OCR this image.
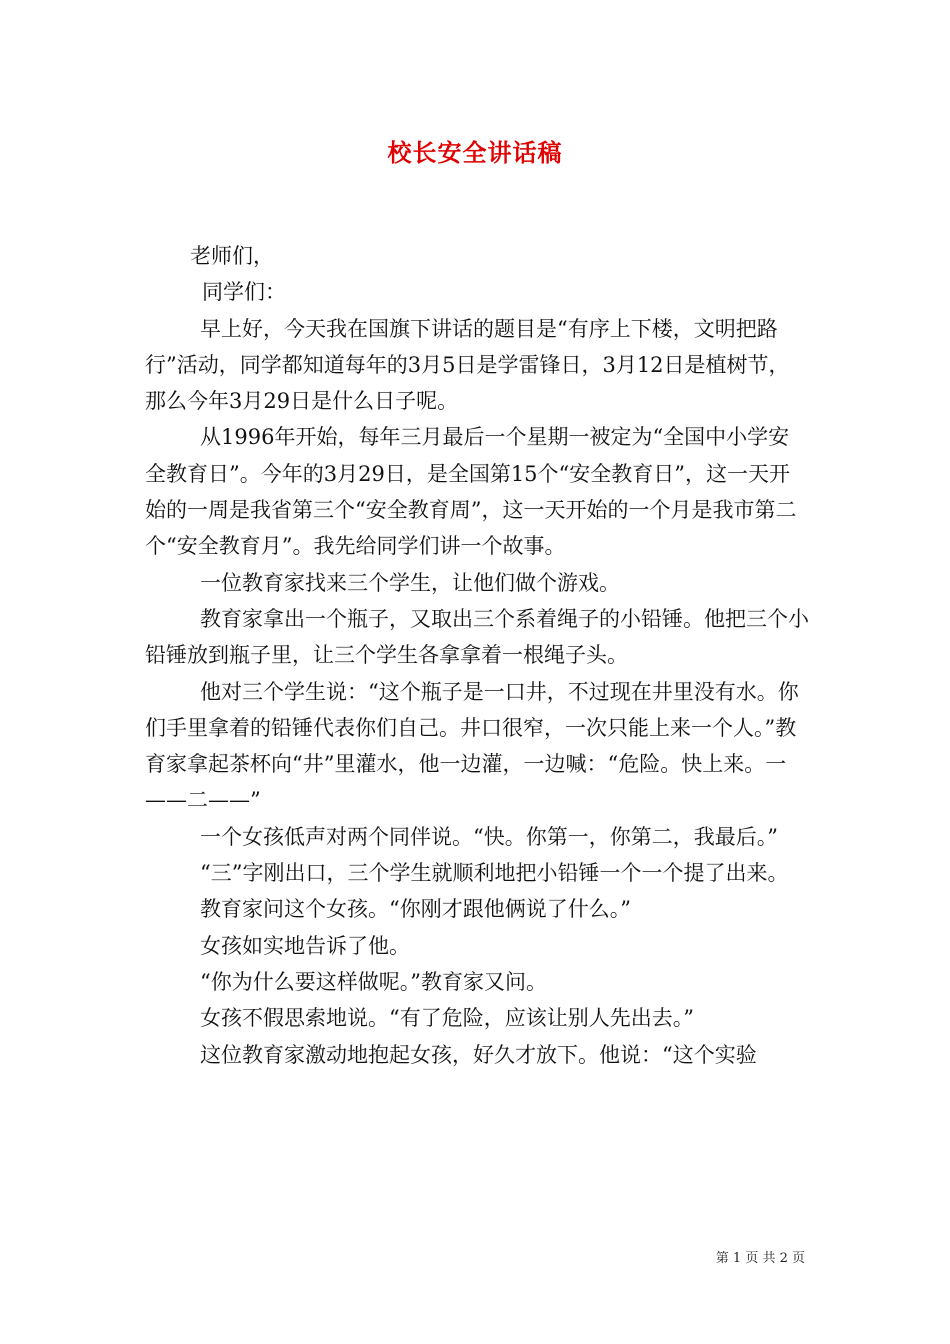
校长安全讲话稿

老师们，

同学们：

早上好，今天我在国旗下讲话的题目是“有序上下楼，文明把路行”活动，同学都知道每年的3月5日是学雷锋日，3月12日是植树节，那么今年3月29日是什么日子呢。

从1996年开始，每年三月最后一个星期一被定为“全国中小学安全教育日”。今年的3月29日，是全国第15个“安全教育日”，这一天开始的一周是我省第三个“安全教育周”，这一天开始的一个月是我市第二个“安全教育月”。我先给同学们讲一个故事。

一位教育家找来三个学生，让他们做个游戏。

教育家拿出一个瓶子，又取出三个系着绳子的小铅锤。他把三个小铅锤放到瓶子里，让三个学生各拿拿着一根绳子头。

他对三个学生说：“这个瓶子是一口井，不过现在井里没有水。你们手里拿着的铅锤代表你们自己。井口很窄，一次只能上来一个人。”教育家拿起茶杯向“井”里灌水，他一边灌，一边喊：“危险。快上来。一——二——”

一个女孩低声对两个同伴说。“快。你第一，你第二，我最后。”

“三”字刚出口，三个学生就顺利地把小铅锤一个一个提了出来。

教育家问这个女孩。“你刚才跟他俩说了什么。”

女孩如实地告诉了他。

“你为什么要这样做呢。”教育家又问。

女孩不假思索地说。“有了危险，应该让别人先出去。”

这位教育家激动地抱起女孩，好久才放下。他说：“这个实验

第 1 页 共 2 页
